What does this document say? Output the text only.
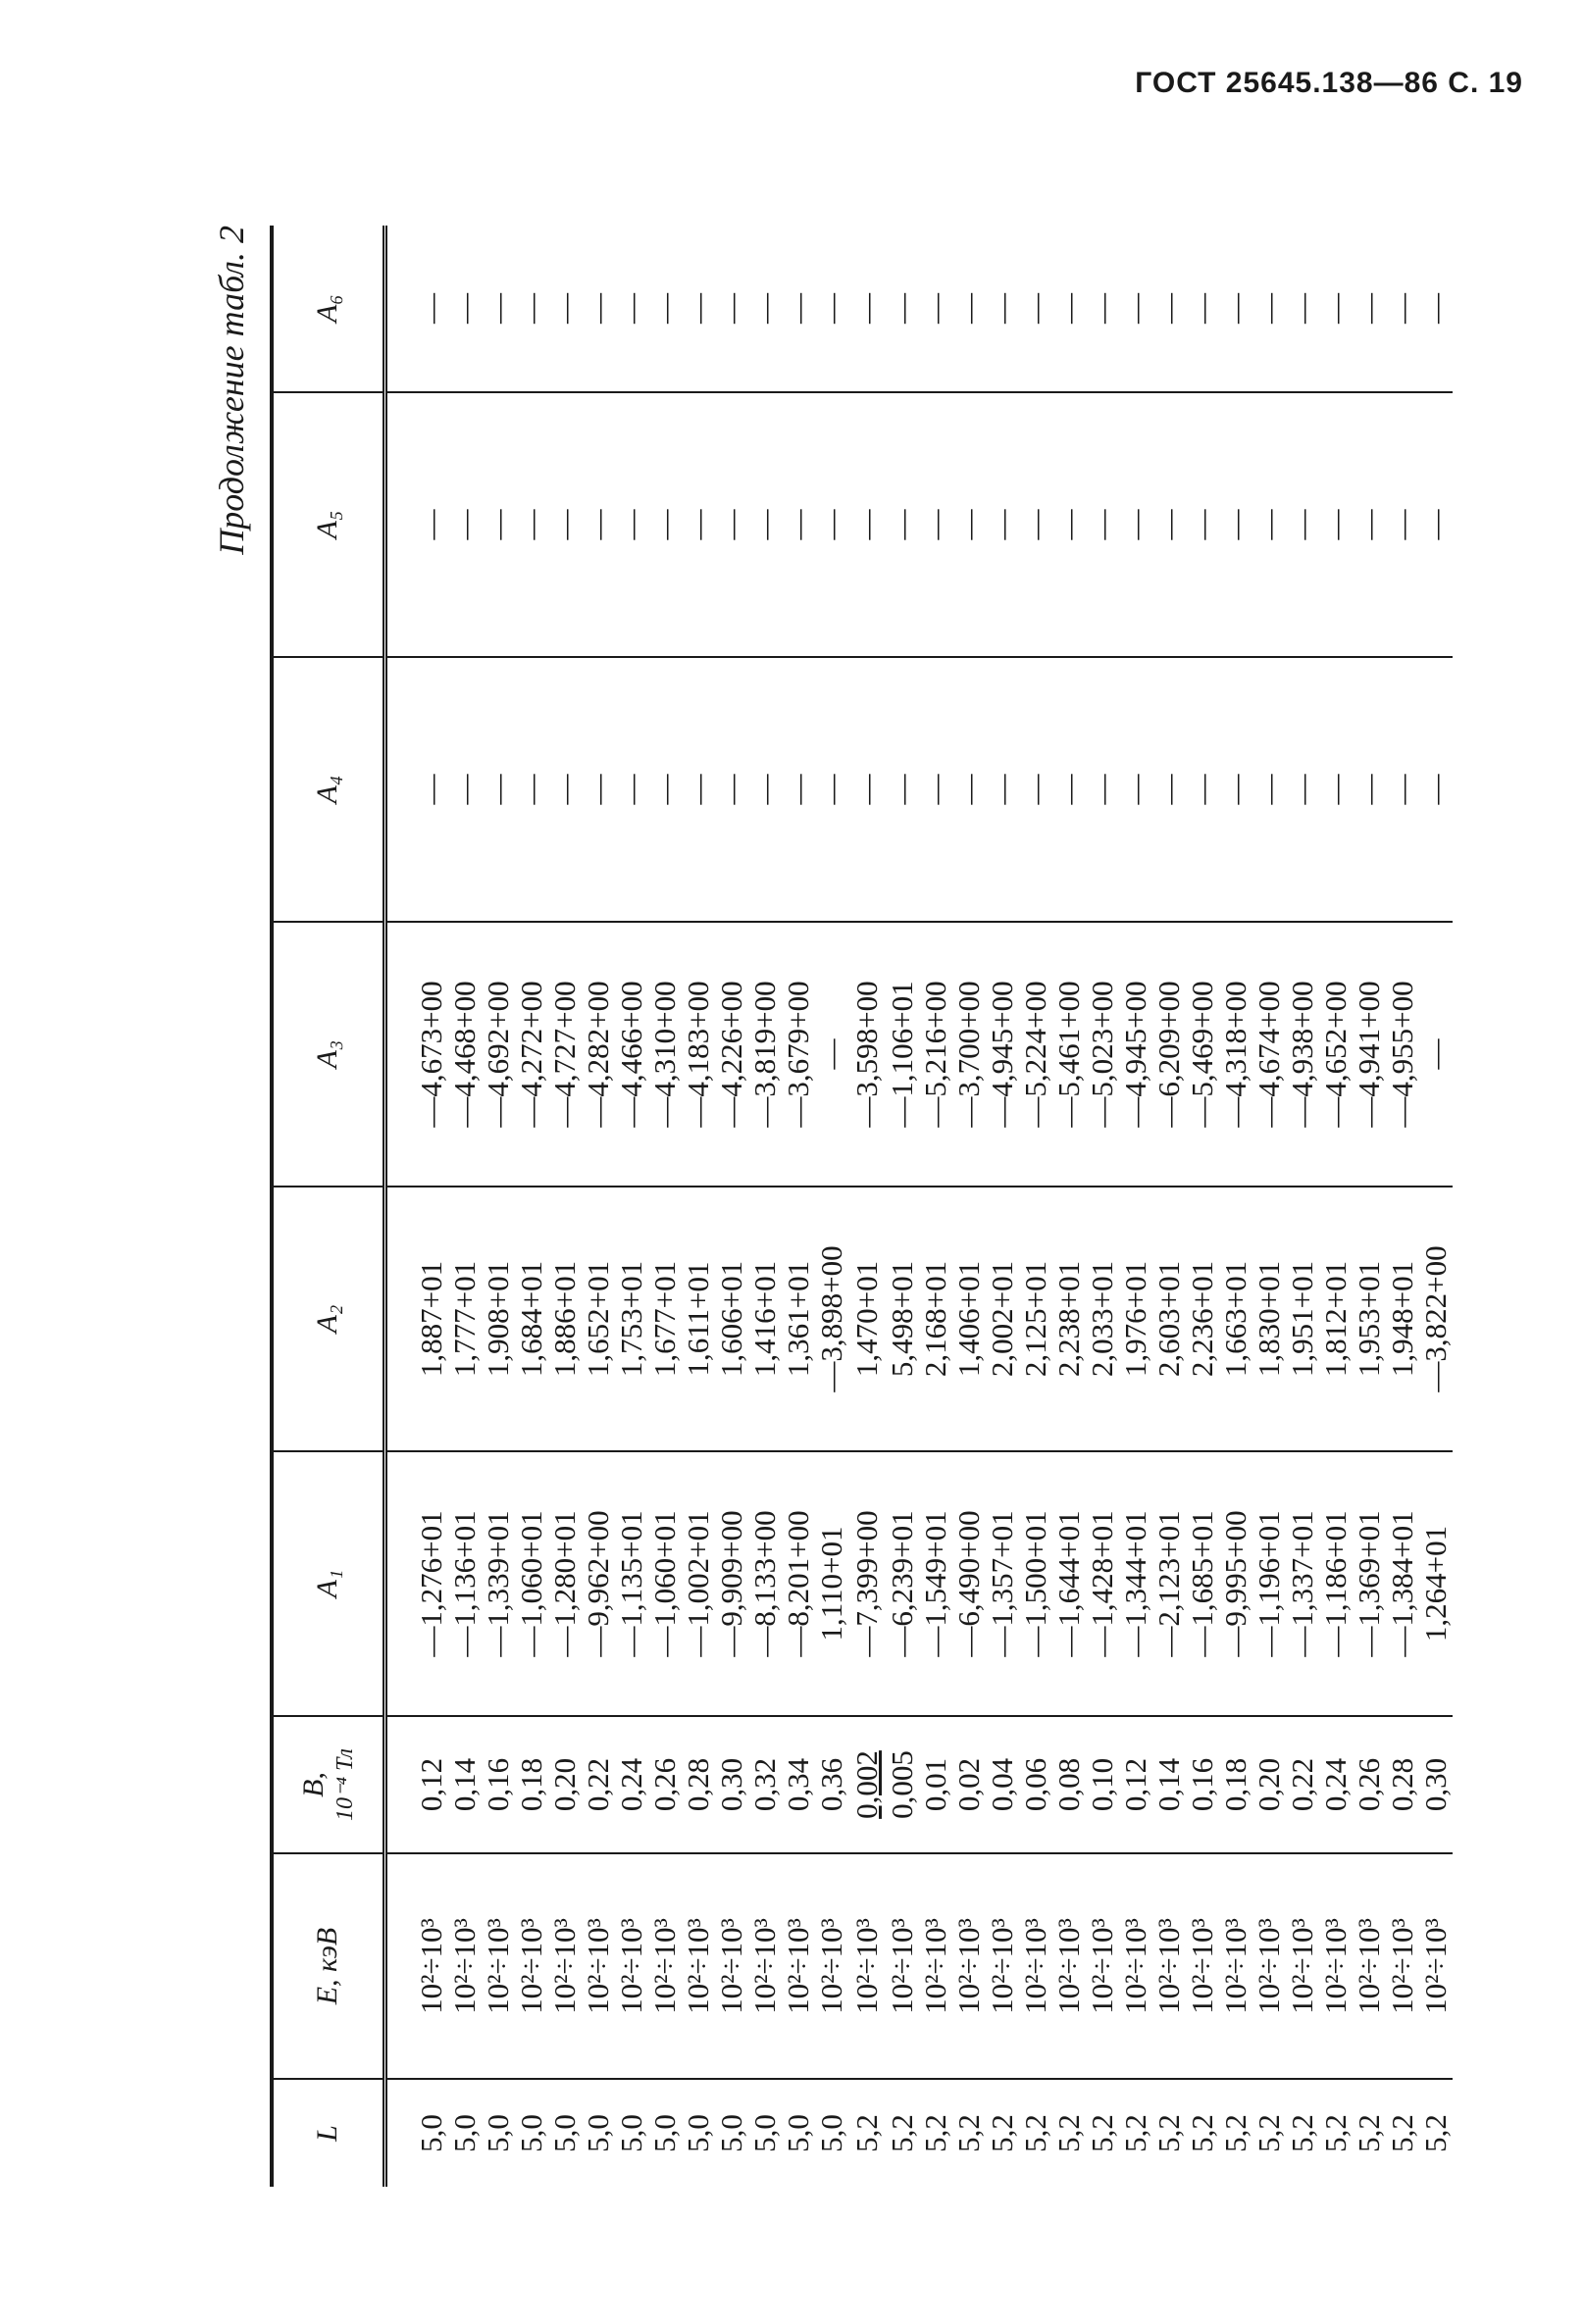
ГОСТ 25645.138—86 С. 19
Продолжение табл. 2
L	E, кэВ	B, 10⁻⁴ Тл	A₁	A₂	A₃	A₄	A₅	A₆
5,0	10²÷10³	0,12	—1,276+01	1,887+01	—4,673+00	—	—	—
5,0	10²÷10³	0,14	—1,136+01	1,777+01	—4,468+00	—	—	—
5,0	10²÷10³	0,16	—1,339+01	1,908+01	—4,692+00	—	—	—
5,0	10²÷10³	0,18	—1,060+01	1,684+01	—4,272+00	—	—	—
5,0	10²÷10³	0,20	—1,280+01	1,886+01	—4,727+00	—	—	—
5,0	10²÷10³	0,22	—9,962+00	1,652+01	—4,282+00	—	—	—
5,0	10²÷10³	0,24	—1,135+01	1,753+01	—4,466+00	—	—	—
5,0	10²÷10³	0,26	—1,060+01	1,677+01	—4,310+00	—	—	—
5,0	10²÷10³	0,28	—1,002+01	1,611+01	—4,183+00	—	—	—
5,0	10²÷10³	0,30	—9,909+00	1,606+01	—4,226+00	—	—	—
5,0	10²÷10³	0,32	—8,133+00	1,416+01	—3,819+00	—	—	—
5,0	10²÷10³	0,34	—8,201+00	1,361+01	—3,679+00	—	—	—
5,0	10²÷10³	0,36	1,110+01	—3,898+00	—	—	—	—
5,2	10²÷10³	0,002	—7,399+00	1,470+01	—3,598+00	—	—	—
5,2	10²÷10³	0,005	—6,239+01	5,498+01	—1,106+01	—	—	—
5,2	10²÷10³	0,01	—1,549+01	2,168+01	—5,216+00	—	—	—
5,2	10²÷10³	0,02	—6,490+00	1,406+01	—3,700+00	—	—	—
5,2	10²÷10³	0,04	—1,357+01	2,002+01	—4,945+00	—	—	—
5,2	10²÷10³	0,06	—1,500+01	2,125+01	—5,224+00	—	—	—
5,2	10²÷10³	0,08	—1,644+01	2,238+01	—5,461+00	—	—	—
5,2	10²÷10³	0,10	—1,428+01	2,033+01	—5,023+00	—	—	—
5,2	10²÷10³	0,12	—1,344+01	1,976+01	—4,945+00	—	—	—
5,2	10²÷10³	0,14	—2,123+01	2,603+01	—6,209+00	—	—	—
5,2	10²÷10³	0,16	—1,685+01	2,236+01	—5,469+00	—	—	—
5,2	10²÷10³	0,18	—9,995+00	1,663+01	—4,318+00	—	—	—
5,2	10²÷10³	0,20	—1,196+01	1,830+01	—4,674+00	—	—	—
5,2	10²÷10³	0,22	—1,337+01	1,951+01	—4,938+00	—	—	—
5,2	10²÷10³	0,24	—1,186+01	1,812+01	—4,652+00	—	—	—
5,2	10²÷10³	0,26	—1,369+01	1,953+01	—4,941+00	—	—	—
5,2	10²÷10³	0,28	—1,384+01	1,948+01	—4,955+00	—	—	—
5,2	10²÷10³	0,30	1,264+01	—3,822+00	—	—	—	—
